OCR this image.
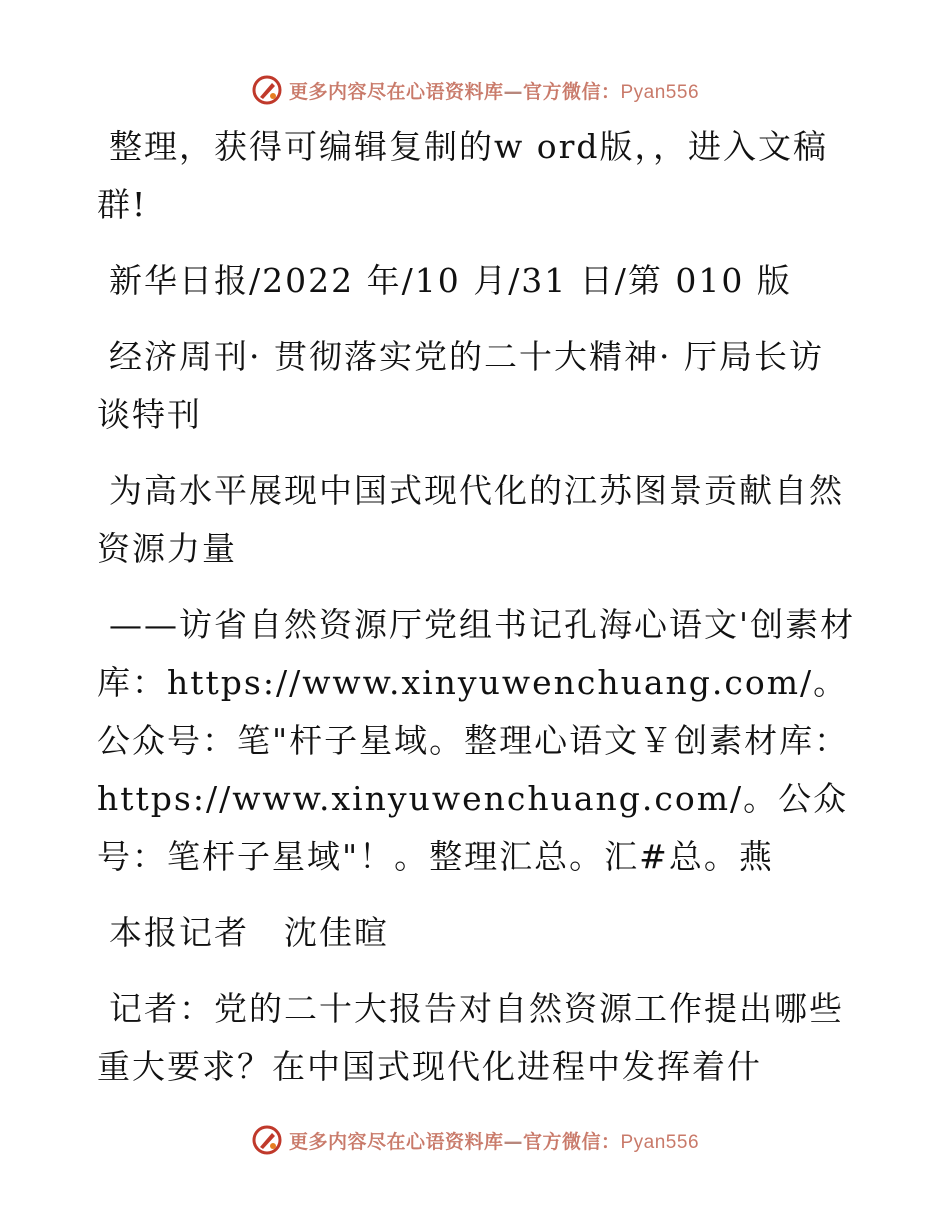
更多内容尽在心语资料库—官方微信：Pyan556

整理，获得可编辑复制的w ord版，，进入文稿群!

新华日报/2022 年/10 月/31 日/第 010 版

经济周刊· 贯彻落实党的二十大精神· 厅局长访谈特刊

为高水平展现中国式现代化的江苏图景贡献自然资源力量

——访省自然资源厅党组书记孔海心语文'创素材库：https://www.xinyuwenchuang.com/。公众号：笔"杆子星域。整理心语文￥创素材库：https://www.xinyuwenchuang.com/。公众号：笔杆子星域"！。整理汇总。汇#总。燕

本报记者　沈佳暄

记者：党的二十大报告对自然资源工作提出哪些重大要求？在中国式现代化进程中发挥着什

更多内容尽在心语资料库—官方微信：Pyan556
